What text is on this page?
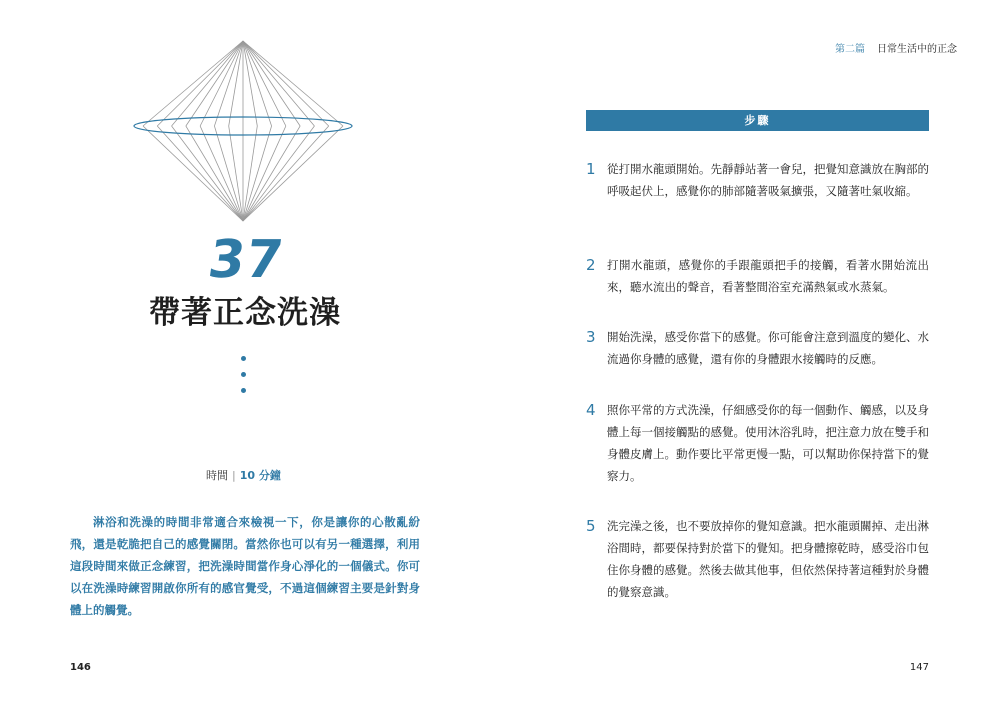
37
帶著正念洗澡
時間 | 10 分鐘
淋浴和洗澡的時間非常適合來檢視一下，你是讓你的心散亂紛飛，還是乾脆把自己的感覺關閉。當然你也可以有另一種選擇，利用這段時間來做正念練習，把洗澡時間當作身心淨化的一個儀式。你可以在洗澡時練習開啟你所有的感官覺受，不過這個練習主要是針對身體上的觸覺。
146
第二篇 日常生活中的正念
步驟
1 從打開水龍頭開始。先靜靜站著一會兒，把覺知意識放在胸部的呼吸起伏上，感覺你的肺部隨著吸氣擴張，又隨著吐氣收縮。
2 打開水龍頭，感覺你的手跟龍頭把手的接觸，看著水開始流出來，聽水流出的聲音，看著整間浴室充滿熱氣或水蒸氣。
3 開始洗澡，感受你當下的感覺。你可能會注意到溫度的變化、水流過你身體的感覺，還有你的身體跟水接觸時的反應。
4 照你平常的方式洗澡，仔細感受你的每一個動作、觸感，以及身體上每一個接觸點的感覺。使用沐浴乳時，把注意力放在雙手和身體皮膚上。動作要比平常更慢一點，可以幫助你保持當下的覺察力。
5 洗完澡之後，也不要放掉你的覺知意識。把水龍頭關掉、走出淋浴間時，都要保持對於當下的覺知。把身體擦乾時，感受浴巾包住你身體的感覺。然後去做其他事，但依然保持著這種對於身體的覺察意識。
147
